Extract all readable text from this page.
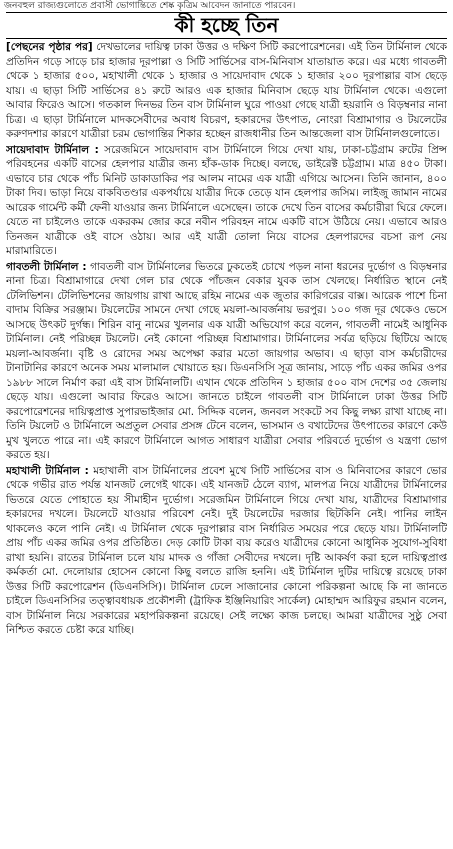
জনবহুল রাজ্যগুলোতে প্রবাসী ভোগান্তিতে শেষ্ক কৃত্রিম আবেদন জানাতে পারবেন।
কী হচ্ছে তিন

[পেছনের পৃষ্ঠার পর] দেখভালের দায়িত্ব ঢাকা উত্তর ও দক্ষিণ সিটি করপোরেশনের। এই তিন টার্মিনাল থেকে প্রতিদিন গড়ে সাড়ে চার হাজার দূরপাল্লা ও সিটি সার্ভিসের বাস-মিনিবাস যাতায়াত করে। এর মধ্যে গাবতলী থেকে ১ হাজার ৫০০, মহাখালী থেকে ১ হাজার ও সায়েদাবাদ থেকে ১ হাজার ২০০ দূরপাল্লার বাস ছেড়ে যায়। এ ছাড়া সিটি সার্ভিসের ৪১ রুটে আরও এক হাজার মিনিবাস ছেড়ে যায় টার্মিনাল থেকে। এগুলো আবার ফিরেও আসে। গতকাল দিনভর তিন বাস টার্মিনাল ঘুরে পাওয়া গেছে যাত্রী হয়রানি ও বিড়ম্বনার নানা চিত্র। এ ছাড়া টার্মিনালে মাদকসেবীদের অবাধ বিচরণ, হকারদের উৎপাত, নোংরা বিশ্রামাগার ও টয়লেটের করুণদশার কারণে যাত্রীরা চরম ভোগান্তির শিকার হচ্ছেন রাজধানীর তিন আন্তজেলা বাস টার্মিনালগুলোতে।

সায়েদাবাদ টার্মিনাল : সরেজমিনে সায়েদাবাদ বাস টার্মিনালে গিয়ে দেখা যায়, ঢাকা-চট্টগ্রাম রুটের প্রিন্স পরিবহনের একটি বাসের হেলপার যাত্রীর জন্য হাঁক-ডাক দিচ্ছে। বলছে, ডাইরেক্ট চট্টগ্রাম। মাত্র ৪৫০ টাকা। এভাবে চার থেকে পাঁচ মিনিট ডাকাডাকির পর আলম নামের এক যাত্রী এগিয়ে আসেন। তিনি জানান, ৪০০ টাকা দিব। ভাড়া নিয়ে বাকবিতণ্ডার একপর্যায়ে যাত্রীর দিকে তেড়ে যান হেলপার জসিম। লাইজু জামান নামের আরেক গার্মেন্ট কর্মী ফেনী যাওয়ার জন্য টার্মিনালে এসেছেন। তাকে দেখে তিন বাসের কর্মচারীরা ঘিরে ফেলে। যেতে না চাইলেও তাকে একরকম জোর করে নবীন পরিবহন নামে একটি বাসে উঠিয়ে নেয়। এভাবে আরও তিনজন যাত্রীকে ওই বাসে ওঠায়। আর এই যাত্রী তোলা নিয়ে বাসের হেলপারদের বচসা রূপ নেয় মারামারিতে।

গাবতলী টার্মিনাল : গাবতলী বাস টার্মিনালের ভিতরে ঢুকতেই চোখে পড়ল নানা ধরনের দুর্ভোগ ও বিড়ম্বনার নানা চিত্র। বিশ্রামাগারে দেখা গেল চার থেকে পাঁচজন বেকার যুবক তাস খেলছে। নির্ধারিত স্থানে নেই টেলিভিশন। টেলিভিশনের জায়গায় রাখা আছে রহিম নামের এক জুতার কারিগরের বাক্স। আরেক পাশে চিনা বাদাম বিক্রির সরঞ্জাম। টয়লেটের সামনে দেখা গেছে ময়লা-আবর্জনায় ভরপুর। ১০০ গজ দূর থেকেও ভেসে আসছে উৎকট দুর্গন্ধ। শিরিন বানু নামের খুলনার এক যাত্রী অভিযোগ করে বলেন, গাবতলী নামেই আধুনিক টার্মিনাল। নেই পরিচ্ছন্ন টয়লেট। নেই কোনো পরিচ্ছন্ন বিশ্রামাগার। টার্মিনালের সর্বত্র ছড়িয়ে ছিটিয়ে আছে ময়লা-আবর্জনা। বৃষ্টি ও রোদের সময় অপেক্ষা করার মতো জায়গার অভাব। এ ছাড়া বাস কর্মচারীদের টানাটানির কারণে অনেক সময় মালামাল খোয়াতে হয়। ডিএনসিসি সূত্র জানায়, সাড়ে পাঁচ একর জমির ওপর ১৯৮৮ সালে নির্মাণ করা এই বাস টার্মিনালটি। এখান থেকে প্রতিদিন ১ হাজার ৫০০ বাস দেশের ৩৫ জেলায় ছেড়ে যায়। এগুলো আবার ফিরেও আসে। জানতে চাইলে গাবতলী বাস টার্মিনালে ঢাকা উত্তর সিটি করপোরেশনের দায়িত্বপ্রাপ্ত সুপারভাইজার মো. সিদ্দিক বলেন, জনবল সংকটে সব কিছু লক্ষ্য রাখা যাচ্ছে না। তিনি টয়লেট ও টার্মিনালে অপ্রতুল সেবার প্রসঙ্গ টেনে বলেন, ভাসমান ও বখাটেদের উৎপাতের কারণে কেউ মুখ খুলতে পারে না। এই কারণে টার্মিনালে আগত সাধারণ যাত্রীরা সেবার পরিবর্তে দুর্ভোগ ও যন্ত্রণা ভোগ করতে হয়।

মহাখালী টার্মিনাল : মহাখালী বাস টার্মিনালের প্রবেশ মুখে সিটি সার্ভিসের বাস ও মিনিবাসের কারণে ভোর থেকে গভীর রাত পর্যন্ত যানজট লেগেই থাকে। এই যানজট ঠেলে ব্যাগ, মালপত্র নিয়ে যাত্রীদের টার্মিনালের ভিতরে যেতে পোহাতে হয় সীমাহীন দুর্ভোগ। সরেজমিন টার্মিনালে গিয়ে দেখা যায়, যাত্রীদের বিশ্রামাগার হকারদের দখলে। টয়লেটে যাওয়ার পরিবেশ নেই। দুই টয়লেটের দরজার ছিটকিনি নেই। পানির লাইন থাকলেও কলে পানি নেই। এ টার্মিনাল থেকে দূরপাল্লার বাস নির্ধারিত সময়ের পরে ছেড়ে যায়। টার্মিনালটি প্রায় পাঁচ একর জমির ওপর প্রতিষ্ঠিত। দেড় কোটি টাকা ব্যয় করেও যাত্রীদের কোনো আধুনিক সুযোগ-সুবিধা রাখা হয়নি। রাতের টার্মিনাল চলে যায় মাদক ও গাঁজা সেবীদের দখলে। দৃষ্টি আকর্ষণ করা হলে দায়িত্বপ্রাপ্ত কর্মকর্তা মো. দেলোয়ার হোসেন কোনো কিছু বলতে রাজি হননি। এই টার্মিনাল দুটির দায়িত্বে রয়েছে ঢাকা উত্তর সিটি করপোরেশন (ডিএনসিসি)। টার্মিনাল ঢেলে সাজানোর কোনো পরিকল্পনা আছে কি না জানতে চাইলে ডিএনসিসির তত্ত্বাবধায়ক প্রকৌশলী (ট্রাফিক ইঞ্জিনিয়ারিং সার্কেল) মোহাম্মদ আরিফুর রহমান বলেন, বাস টার্মিনাল নিয়ে সরকারের মহাপরিকল্পনা রয়েছে। সেই লক্ষ্যে কাজ চলছে। আমরা যাত্রীদের সুষ্ঠু সেবা নিশ্চিত করতে চেষ্টা করে যাচ্ছি।
